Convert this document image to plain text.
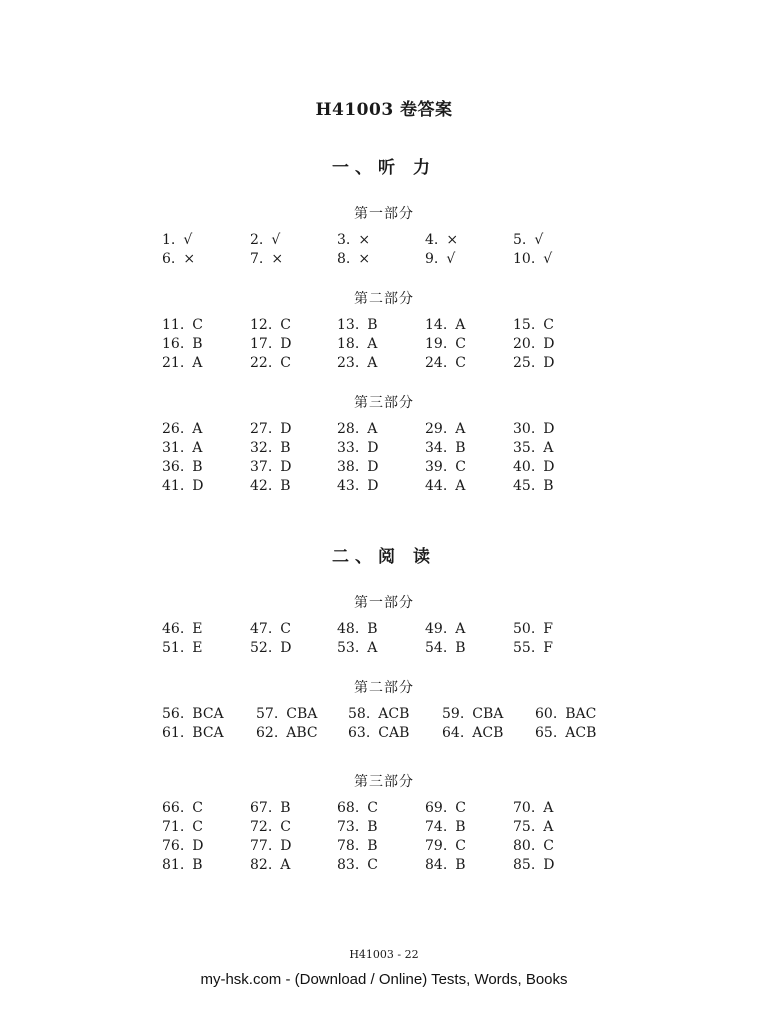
H41003 卷答案
一、听 力
第一部分
1. √	2. √	3. ×	4. ×	5. √
6. ×	7. ×	8. ×	9. √	10. √
第二部分
11. C	12. C	13. B	14. A	15. C
16. B	17. D	18. A	19. C	20. D
21. A	22. C	23. A	24. C	25. D
第三部分
26. A	27. D	28. A	29. A	30. D
31. A	32. B	33. D	34. B	35. A
36. B	37. D	38. D	39. C	40. D
41. D	42. B	43. D	44. A	45. B
二、阅 读
第一部分
46. E	47. C	48. B	49. A	50. F
51. E	52. D	53. A	54. B	55. F
第二部分
56. BCA	57. CBA	58. ACB	59. CBA	60. BAC
61. BCA	62. ABC	63. CAB	64. ACB	65. ACB
第三部分
66. C	67. B	68. C	69. C	70. A
71. C	72. C	73. B	74. B	75. A
76. D	77. D	78. B	79. C	80. C
81. B	82. A	83. C	84. B	85. D
H41003 - 22
my-hsk.com - (Download / Online) Tests, Words, Books
